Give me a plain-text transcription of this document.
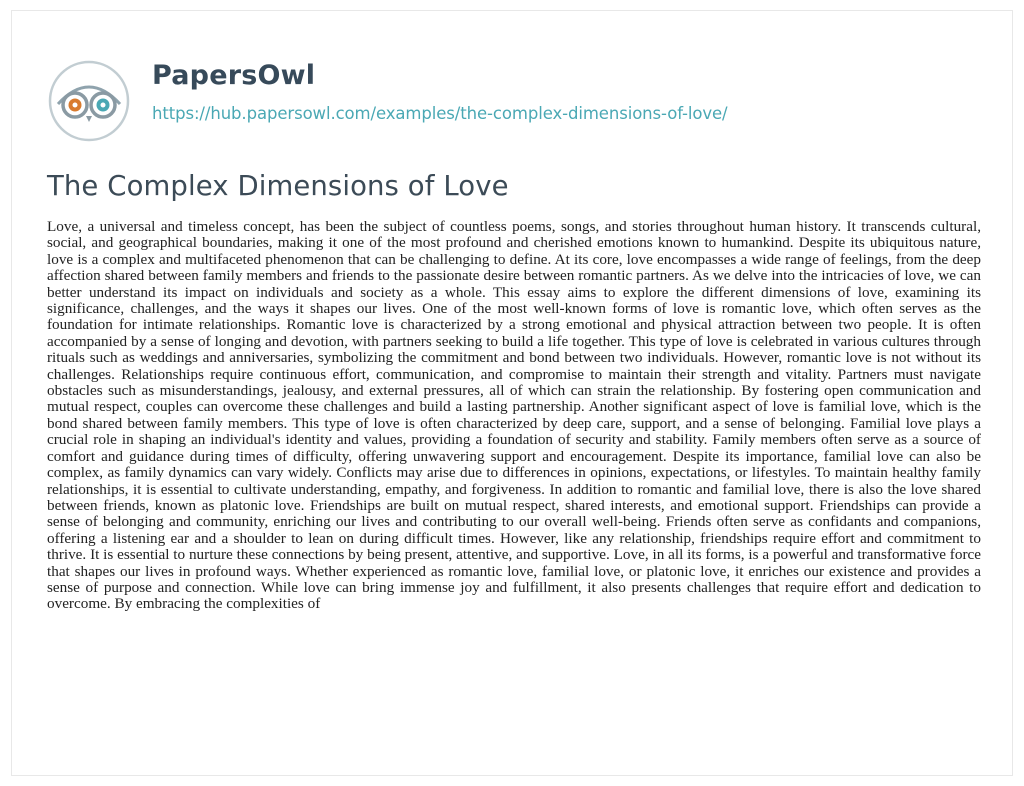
PapersOwl
https://hub.papersowl.com/examples/the-complex-dimensions-of-love/
The Complex Dimensions of Love

Love, a universal and timeless concept, has been the subject of countless poems, songs, and stories throughout human history. It transcends cultural, social, and geographical boundaries, making it one of the most profound and cherished emotions known to humankind. Despite its ubiquitous nature, love is a complex and multifaceted phenomenon that can be challenging to define. At its core, love encompasses a wide range of feelings, from the deep affection shared between family members and friends to the passionate desire between romantic partners. As we delve into the intricacies of love, we can better understand its impact on individuals and society as a whole. This essay aims to explore the different dimensions of love, examining its significance, challenges, and the ways it shapes our lives. One of the most well-known forms of love is romantic love, which often serves as the foundation for intimate relationships. Romantic love is characterized by a strong emotional and physical attraction between two people. It is often accompanied by a sense of longing and devotion, with partners seeking to build a life together. This type of love is celebrated in various cultures through rituals such as weddings and anniversaries, symbolizing the commitment and bond between two individuals. However, romantic love is not without its challenges. Relationships require continuous effort, communication, and compromise to maintain their strength and vitality. Partners must navigate obstacles such as misunderstandings, jealousy, and external pressures, all of which can strain the relationship. By fostering open communication and mutual respect, couples can overcome these challenges and build a lasting partnership. Another significant aspect of love is familial love, which is the bond shared between family members. This type of love is often characterized by deep care, support, and a sense of belonging. Familial love plays a crucial role in shaping an individual's identity and values, providing a foundation of security and stability. Family members often serve as a source of comfort and guidance during times of difficulty, offering unwavering support and encouragement. Despite its importance, familial love can also be complex, as family dynamics can vary widely. Conflicts may arise due to differences in opinions, expectations, or lifestyles. To maintain healthy family relationships, it is essential to cultivate understanding, empathy, and forgiveness. In addition to romantic and familial love, there is also the love shared between friends, known as platonic love. Friendships are built on mutual respect, shared interests, and emotional support. Friendships can provide a sense of belonging and community, enriching our lives and contributing to our overall well-being. Friends often serve as confidants and companions, offering a listening ear and a shoulder to lean on during difficult times. However, like any relationship, friendships require effort and commitment to thrive. It is essential to nurture these connections by being present, attentive, and supportive. Love, in all its forms, is a powerful and transformative force that shapes our lives in profound ways. Whether experienced as romantic love, familial love, or platonic love, it enriches our existence and provides a sense of purpose and connection. While love can bring immense joy and fulfillment, it also presents challenges that require effort and dedication to overcome. By embracing the complexities of
